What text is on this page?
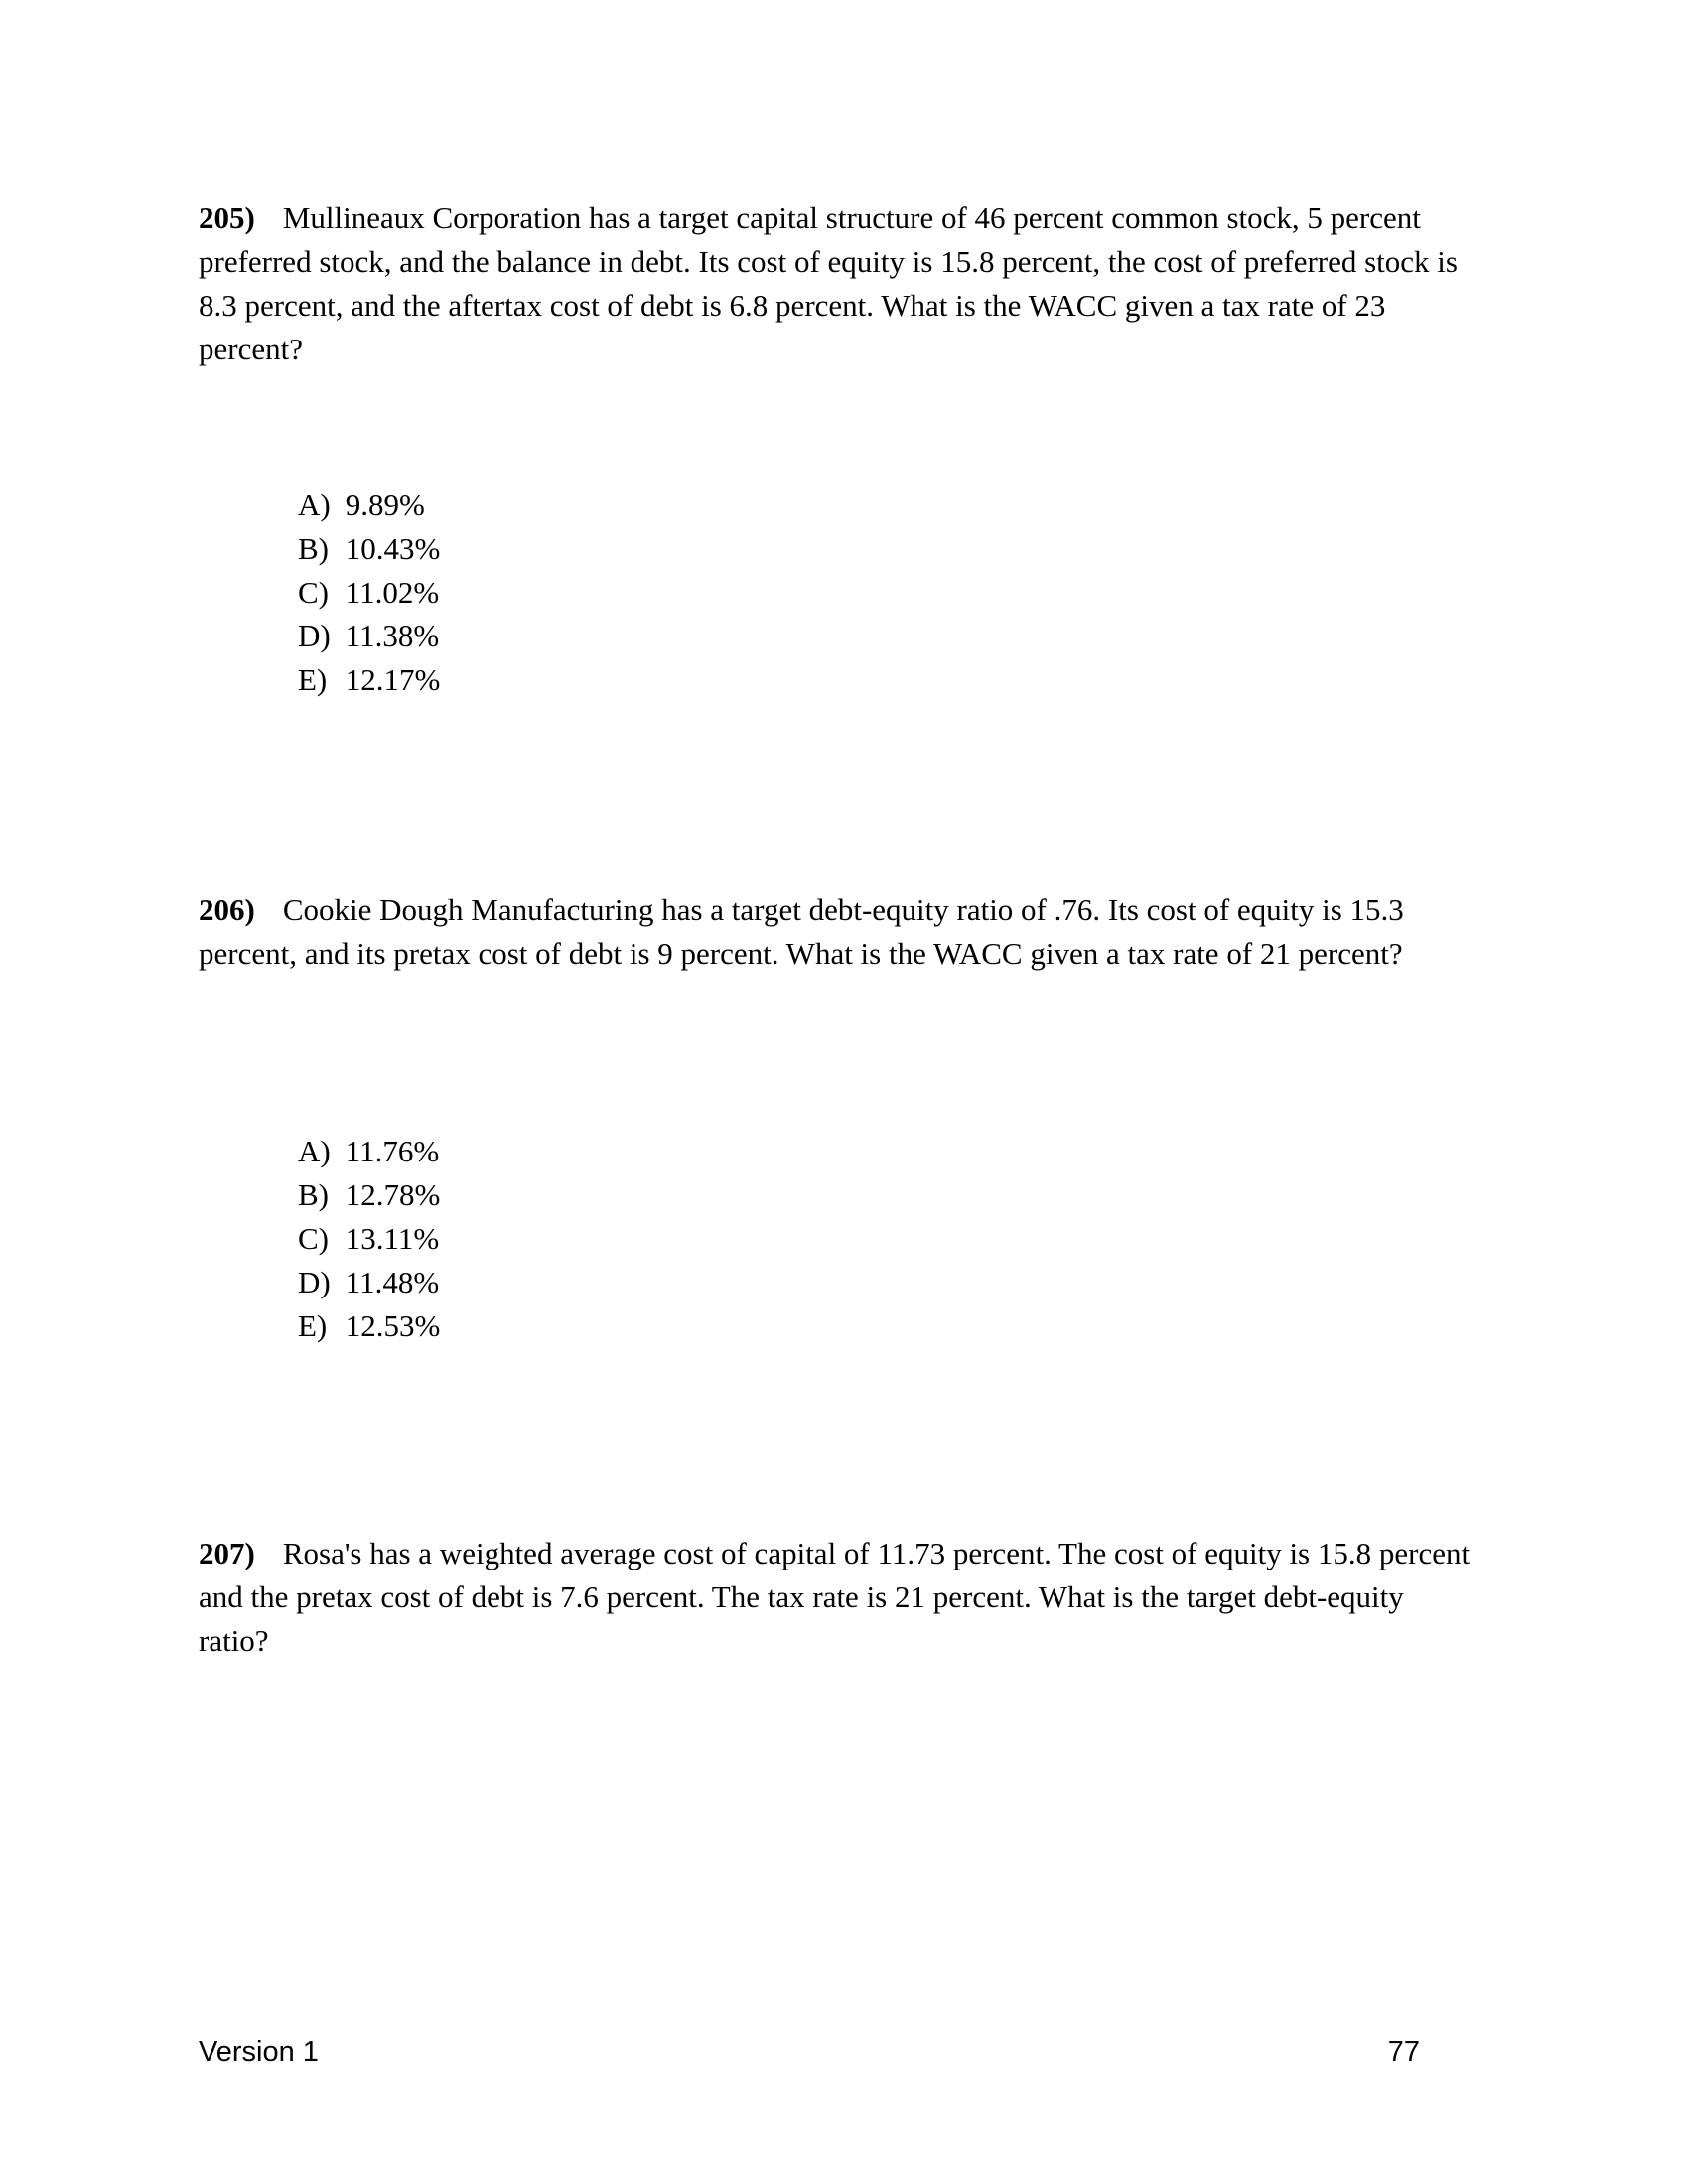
205) Mullineaux Corporation has a target capital structure of 46 percent common stock, 5 percent preferred stock, and the balance in debt. Its cost of equity is 15.8 percent, the cost of preferred stock is 8.3 percent, and the aftertax cost of debt is 6.8 percent. What is the WACC given a tax rate of 23 percent?
A) 9.89%
B) 10.43%
C) 11.02%
D) 11.38%
E) 12.17%
206) Cookie Dough Manufacturing has a target debt-equity ratio of .76. Its cost of equity is 15.3 percent, and its pretax cost of debt is 9 percent. What is the WACC given a tax rate of 21 percent?
A) 11.76%
B) 12.78%
C) 13.11%
D) 11.48%
E) 12.53%
207) Rosa's has a weighted average cost of capital of 11.73 percent. The cost of equity is 15.8 percent and the pretax cost of debt is 7.6 percent. The tax rate is 21 percent. What is the target debt-equity ratio?
Version 1	77
